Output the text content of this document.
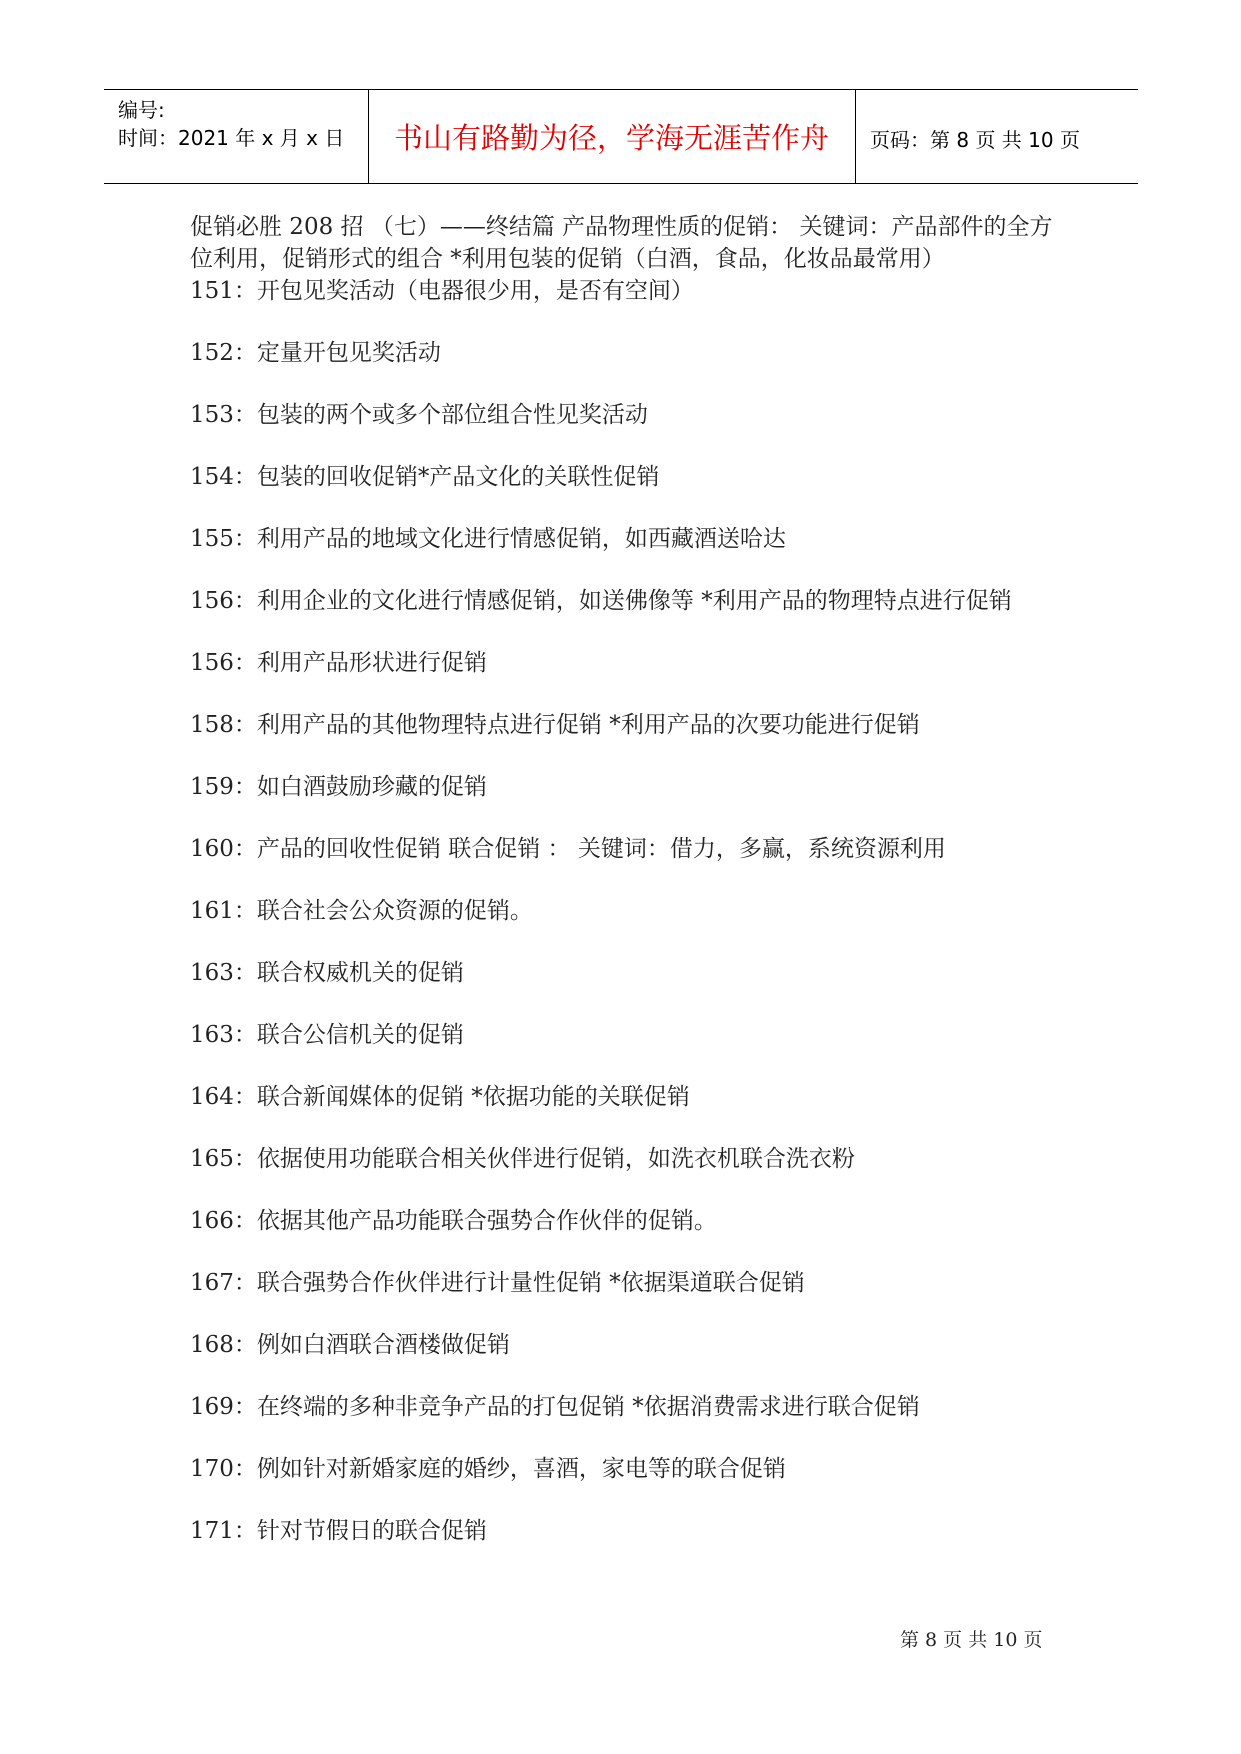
编号:
时间：2021 年 x 月 x 日	书山有路勤为径，学海无涯苦作舟	页码：第 8 页 共 10 页

促销必胜 208 招 （七）——终结篇 产品物理性质的促销： 关键词：产品部件的全方位利用，促销形式的组合 *利用包装的促销（白酒，食品，化妆品最常用）

151：开包见奖活动（电器很少用，是否有空间）

152：定量开包见奖活动

153：包装的两个或多个部位组合性见奖活动

154：包装的回收促销*产品文化的关联性促销

155：利用产品的地域文化进行情感促销，如西藏酒送哈达

156：利用企业的文化进行情感促销，如送佛像等 *利用产品的物理特点进行促销

156：利用产品形状进行促销

158：利用产品的其他物理特点进行促销 *利用产品的次要功能进行促销

159：如白酒鼓励珍藏的促销

160：产品的回收性促销 联合促销 ： 关键词：借力，多赢，系统资源利用

161：联合社会公众资源的促销。

163：联合权威机关的促销

163：联合公信机关的促销

164：联合新闻媒体的促销 *依据功能的关联促销

165：依据使用功能联合相关伙伴进行促销，如洗衣机联合洗衣粉

166：依据其他产品功能联合强势合作伙伴的促销。

167：联合强势合作伙伴进行计量性促销 *依据渠道联合促销

168：例如白酒联合酒楼做促销

169：在终端的多种非竞争产品的打包促销 *依据消费需求进行联合促销

170：例如针对新婚家庭的婚纱，喜酒，家电等的联合促销

171：针对节假日的联合促销

第 8 页 共 10 页
